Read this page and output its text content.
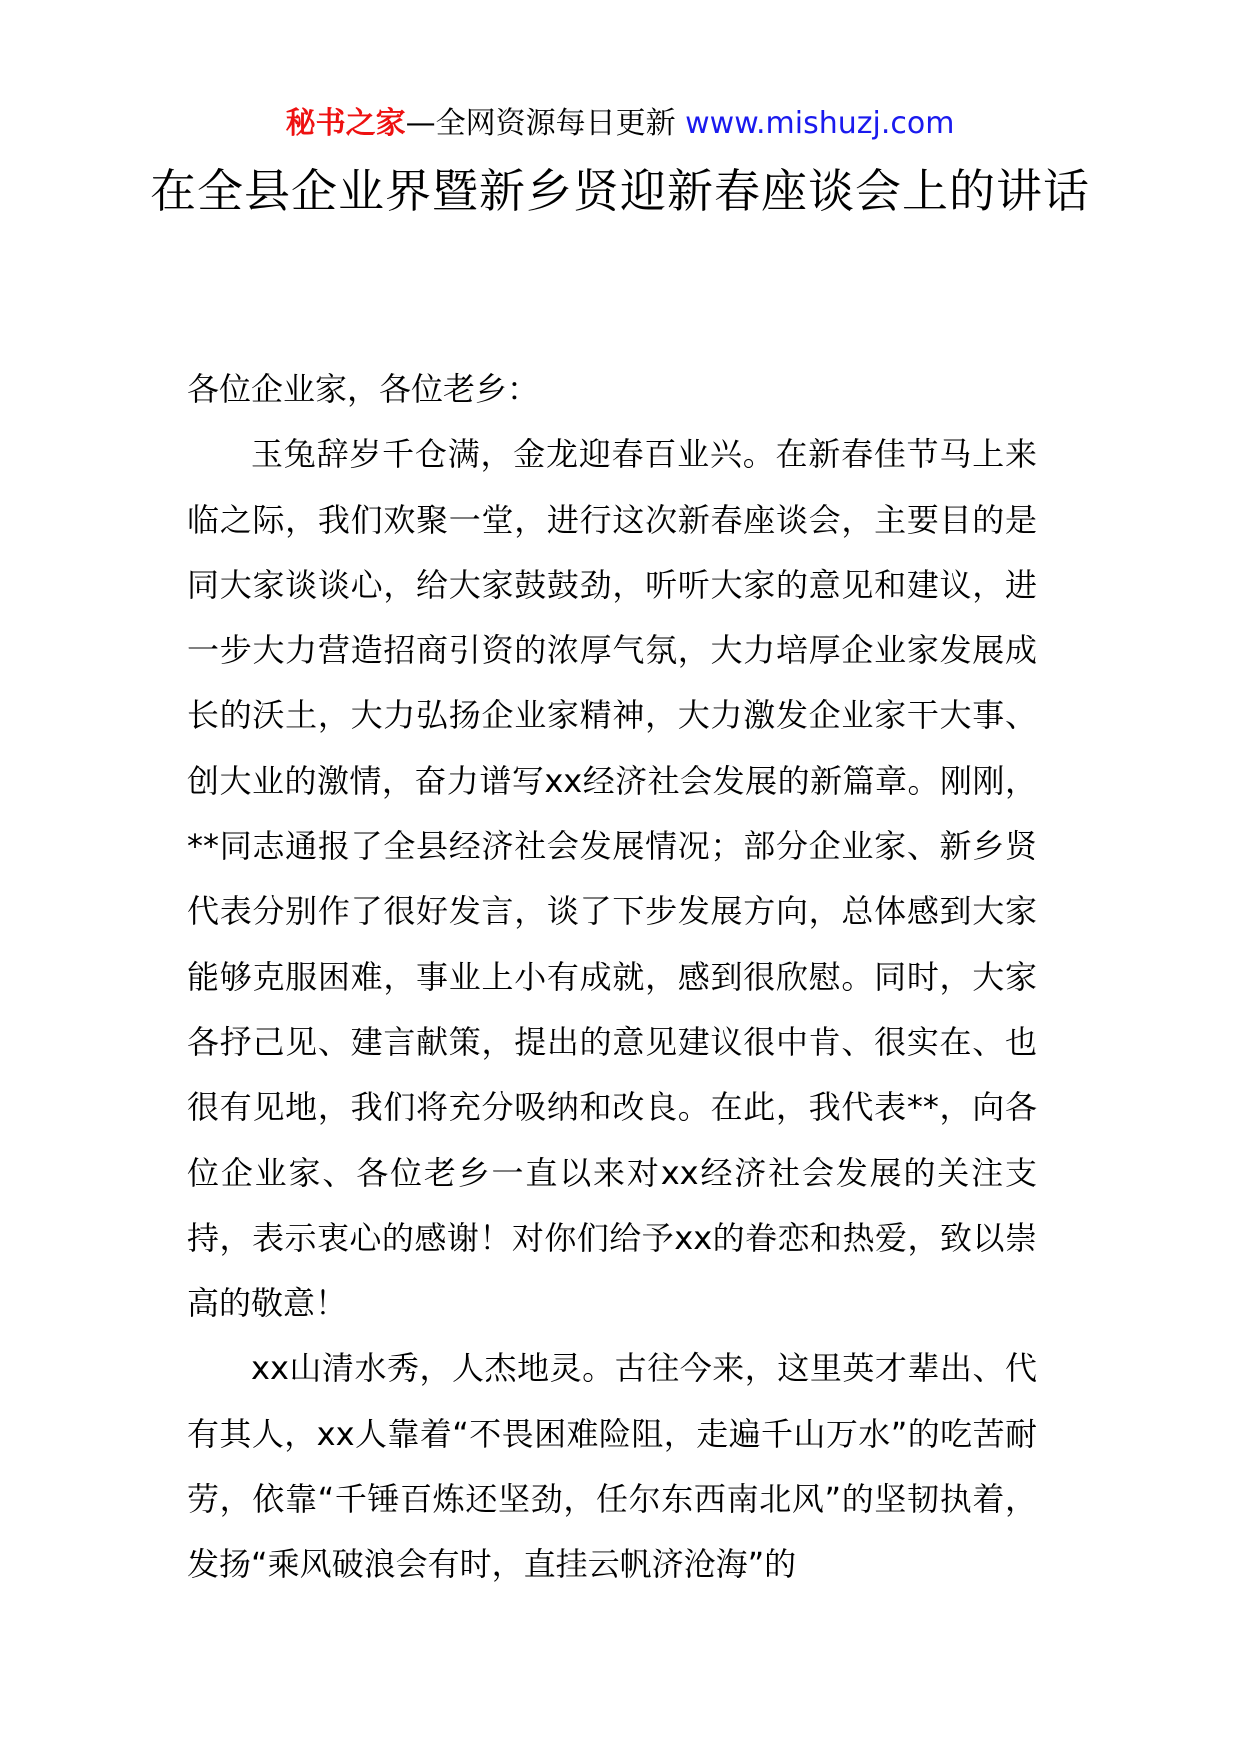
秘书之家—全网资源每日更新 www.mishuzj.com
在全县企业界暨新乡贤迎新春座谈会上的讲话

各位企业家，各位老乡：

玉兔辞岁千仓满，金龙迎春百业兴。在新春佳节马上来临之际，我们欢聚一堂，进行这次新春座谈会，主要目的是同大家谈谈心，给大家鼓鼓劲，听听大家的意见和建议，进一步大力营造招商引资的浓厚气氛，大力培厚企业家发展成长的沃土，大力弘扬企业家精神，大力激发企业家干大事、创大业的激情，奋力谱写xx经济社会发展的新篇章。刚刚，**同志通报了全县经济社会发展情况；部分企业家、新乡贤代表分别作了很好发言，谈了下步发展方向，总体感到大家能够克服困难，事业上小有成就，感到很欣慰。同时，大家各抒己见、建言献策，提出的意见建议很中肯、很实在、也很有见地，我们将充分吸纳和改良。在此，我代表**，向各位企业家、各位老乡一直以来对xx经济社会发展的关注支持，表示衷心的感谢！对你们给予xx的眷恋和热爱，致以崇高的敬意！

xx山清水秀，人杰地灵。古往今来，这里英才辈出、代有其人，xx人靠着“不畏困难险阻，走遍千山万水”的吃苦耐劳，依靠“千锤百炼还坚劲，任尔东西南北风”的坚韧执着，发扬“乘风破浪会有时，直挂云帆济沧海”的
